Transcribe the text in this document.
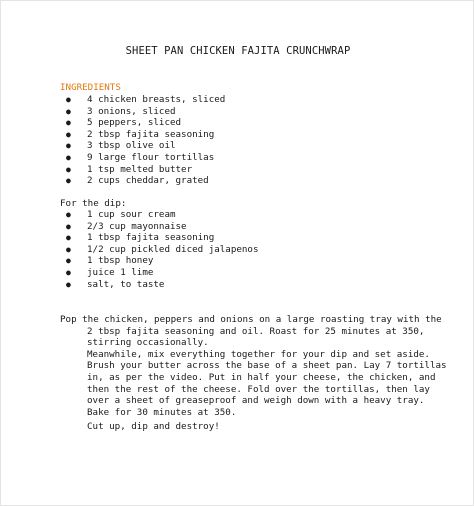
SHEET PAN CHICKEN FAJITA CRUNCHWRAP
INGREDIENTS
● 4 chicken breasts, sliced
● 3 onions, sliced
● 5 peppers, sliced
● 2 tbsp fajita seasoning
● 3 tbsp olive oil
● 9 large flour tortillas
● 1 tsp melted butter
● 2 cups cheddar, grated
For the dip:
● 1 cup sour cream
● 2/3 cup mayonnaise
● 1 tbsp fajita seasoning
● 1/2 cup pickled diced jalapenos
● 1 tbsp honey
● juice 1 lime
● salt, to taste
Pop the chicken, peppers and onions on a large roasting tray with the
2 tbsp fajita seasoning and oil. Roast for 25 minutes at 350,
stirring occasionally.
Meanwhile, mix everything together for your dip and set aside.
Brush your butter across the base of a sheet pan. Lay 7 tortillas
in, as per the video. Put in half your cheese, the chicken, and
then the rest of the cheese. Fold over the tortillas, then lay
over a sheet of greaseproof and weigh down with a heavy tray.
Bake for 30 minutes at 350.
Cut up, dip and destroy!
